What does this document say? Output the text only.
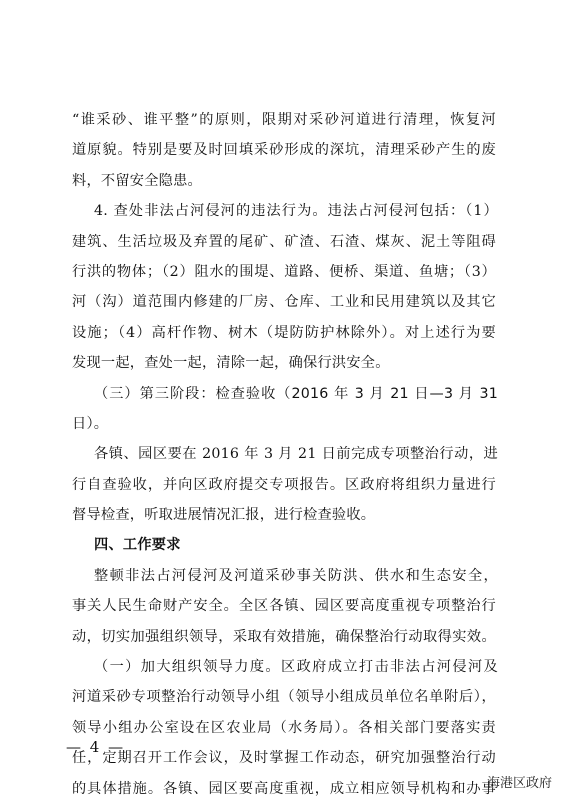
“谁采砂、谁平整”的原则，限期对采砂河道进行清理，恢复河
道原貌。特别是要及时回填采砂形成的深坑，清理采砂产生的废
料，不留安全隐患。
4. 查处非法占河侵河的违法行为。违法占河侵河包括：（1）
建筑、生活垃圾及弃置的尾矿、矿渣、石渣、煤灰、泥土等阻碍
行洪的物体；（2）阻水的围堤、道路、便桥、渠道、鱼塘；（3）
河（沟）道范围内修建的厂房、仓库、工业和民用建筑以及其它
设施；（4）高杆作物、树木（堤防防护林除外）。对上述行为要
发现一起，查处一起，清除一起，确保行洪安全。
（三）第三阶段：检查验收（2016 年 3 月 21 日—3 月 31
日）。
各镇、园区要在 2016 年 3 月 21 日前完成专项整治行动，进
行自查验收，并向区政府提交专项报告。区政府将组织力量进行
督导检查，听取进展情况汇报，进行检查验收。
四、工作要求
整顿非法占河侵河及河道采砂事关防洪、供水和生态安全，
事关人民生命财产安全。全区各镇、园区要高度重视专项整治行
动，切实加强组织领导，采取有效措施，确保整治行动取得实效。
（一）加大组织领导力度。区政府成立打击非法占河侵河及
河道采砂专项整治行动领导小组（领导小组成员单位名单附后），
领导小组办公室设在区农业局（水务局）。各相关部门要落实责
任，定期召开工作会议，及时掌握工作动态，研究加强整治行动
的具体措施。各镇、园区要高度重视，成立相应领导机构和办事
— 4 —
海港区政府
